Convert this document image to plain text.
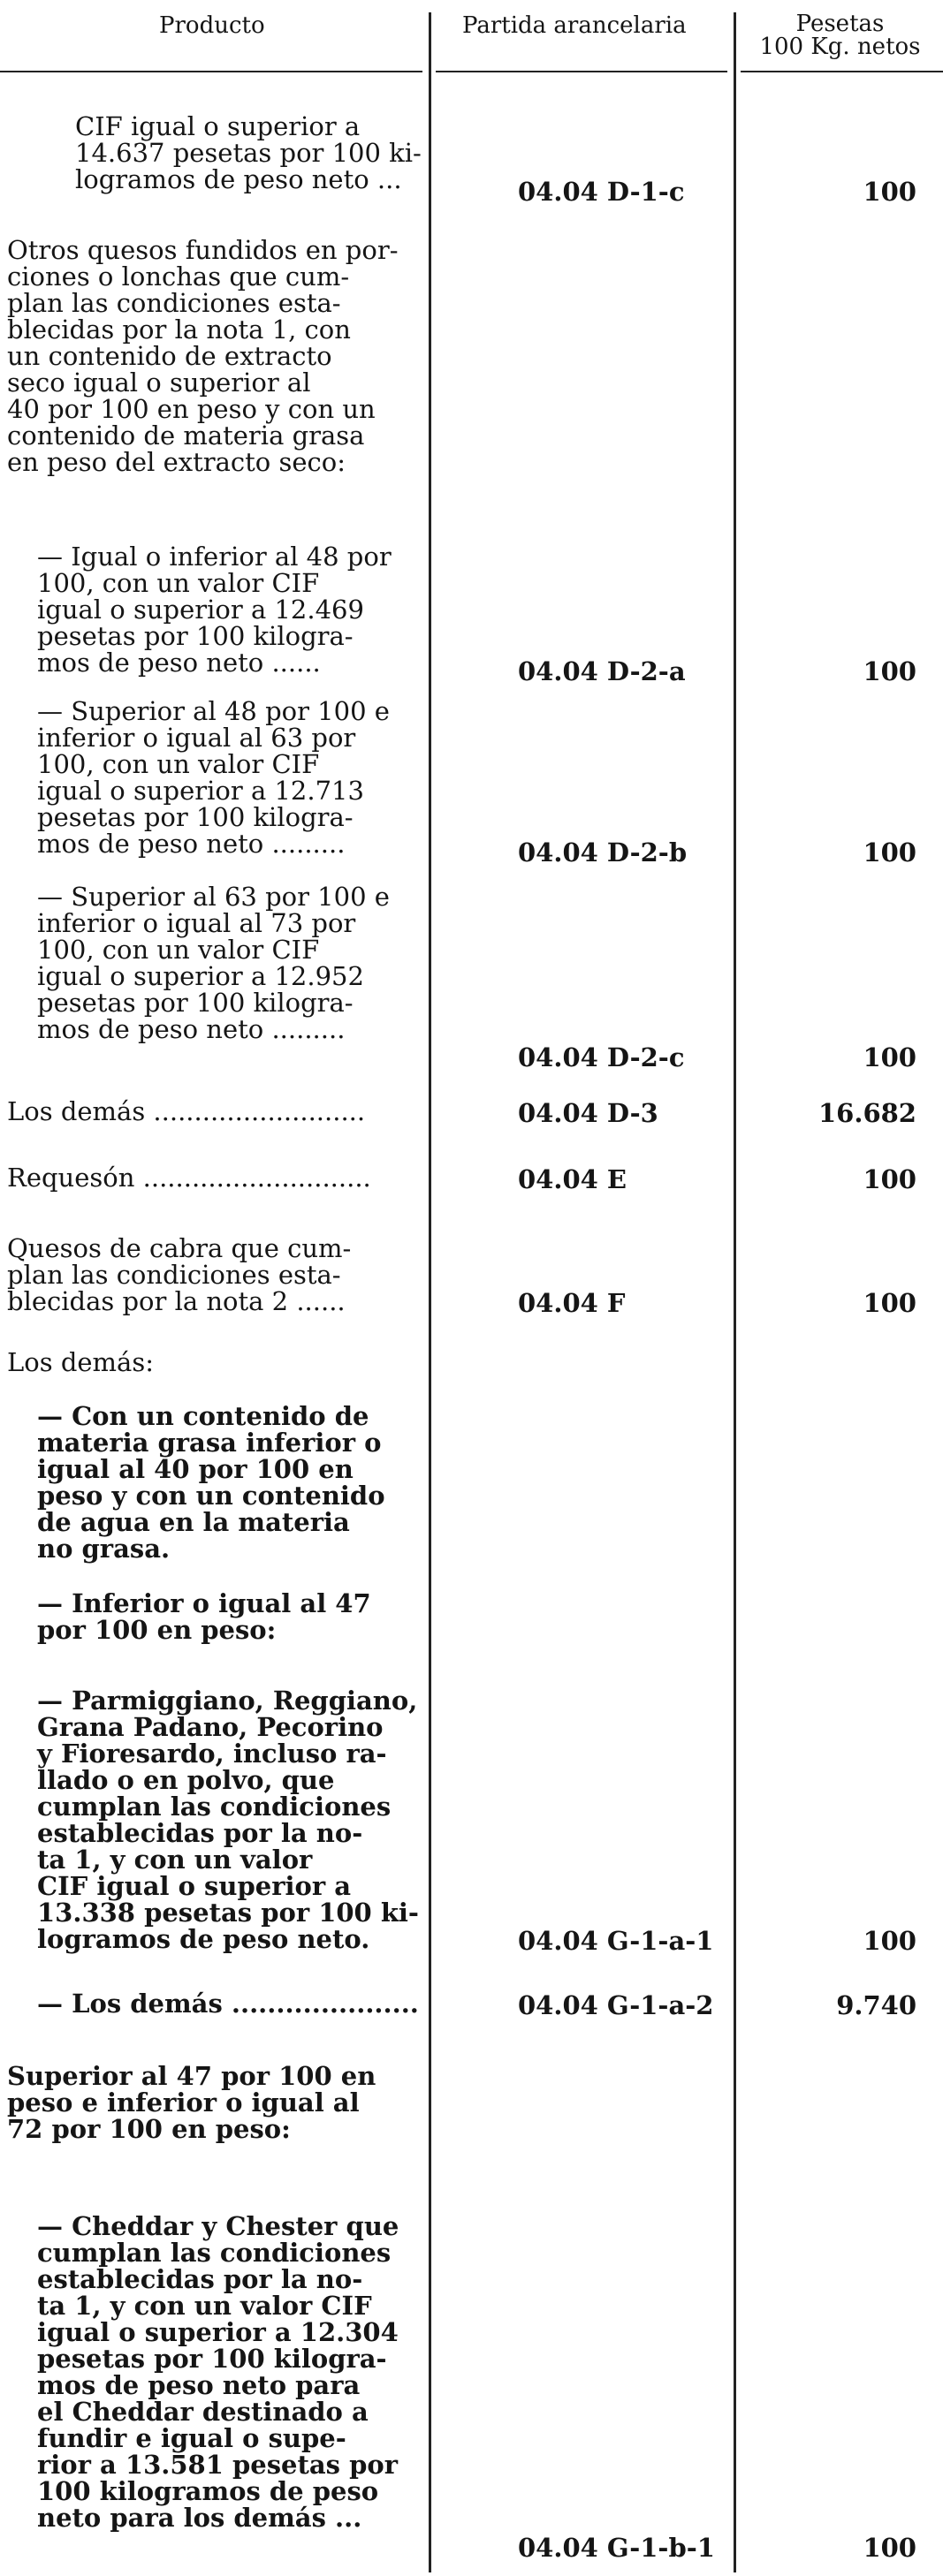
Producto	Partida arancelaria	Pesetas
100 Kg. netos
CIF igual o superior a
14.637 pesetas por 100 ki-
logramos de peso neto ...	04.04 D-1-c	100
Otros quesos fundidos en por-
ciones o lonchas que cum-
plan las condiciones esta-
blecidas por la nota 1, con
un contenido de extracto
seco igual o superior al
40 por 100 en peso y con un
contenido de materia grasa
en peso del extracto seco:
— Igual o inferior al 48 por
100, con un valor CIF
igual o superior a 12.469
pesetas por 100 kilogra-
mos de peso neto ......	04.04 D-2-a	100
— Superior al 48 por 100 e
inferior o igual al 63 por
100, con un valor CIF
igual o superior a 12.713
pesetas por 100 kilogra-
mos de peso neto .........	04.04 D-2-b	100
— Superior al 63 por 100 e
inferior o igual al 73 por
100, con un valor CIF
igual o superior a 12.952
pesetas por 100 kilogra-
mos de peso neto .........
04.04 D-2-c	100
Los demás ..........................	04.04 D-3	16.682
Requesón ............................	04.04 E	100
Quesos de cabra que cum-
plan las condiciones esta-
blecidas por la nota 2 ......	04.04 F	100
Los demás:
— Con un contenido de
materia grasa inferior o
igual al 40 por 100 en
peso y con un contenido
de agua en la materia
no grasa.
— Inferior o igual al 47
por 100 en peso:
— Parmiggiano, Reggiano,
Grana Padano, Pecorino
y Fioresardo, incluso ra-
llado o en polvo, que
cumplan las condiciones
establecidas por la no-
ta 1, y con un valor
CIF igual o superior a
13.338 pesetas por 100 ki-
logramos de peso neto.	04.04 G-1-a-1	100
— Los demás .....................	04.04 G-1-a-2	9.740
Superior al 47 por 100 en
peso e inferior o igual al
72 por 100 en peso:
— Cheddar y Chester que
cumplan las condiciones
establecidas por la no-
ta 1, y con un valor CIF
igual o superior a 12.304
pesetas por 100 kilogra-
mos de peso neto para
el Cheddar destinado a
fundir e igual o supe-
rior a 13.581 pesetas por
100 kilogramos de peso
neto para los demás ...
04.04 G-1-b-1	100
